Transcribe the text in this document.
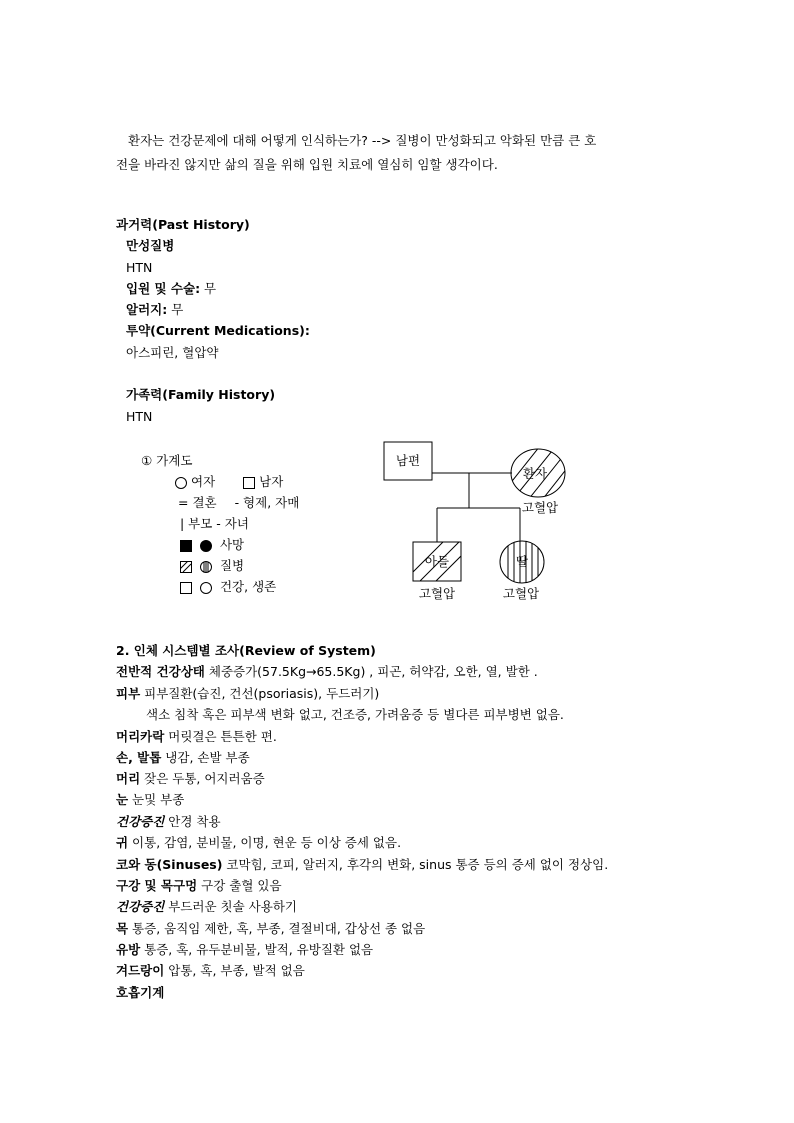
환자는 건강문제에 대해 어떻게 인식하는가? --> 질병이 만성화되고 악화된 만큼 큰 호
전을 바라진 않지만 삶의 질을 위해 입원 치료에 열심히 임할 생각이다.
과거력(Past History)
만성질병
HTN
입원 및 수술: 무
알러지: 무
투약(Current Medications):
아스피린, 혈압약
가족력(Family History)
HTN
① 가계도
여자	남자
= 결혼 - 형제, 자매
| 부모 - 자녀
사망
질병
건강, 생존
남편
환자
고혈압
아들
고혈압
딸
고혈압
2. 인체 시스템별 조사(Review of System)
전반적 건강상태 체중증가(57.5Kg→65.5Kg) , 피곤, 허약감, 오한, 열, 발한 .
피부 피부질환(습진, 건선(psoriasis), 두드러기)
색소 침착 혹은 피부색 변화 없고, 건조증, 가려움증 등 별다른 피부병변 없음.
머리카락 머릿결은 튼튼한 편.
손, 발톱 냉감, 손발 부종
머리 잦은 두통, 어지러움증
눈 눈및 부종
건강증진 안경 착용
귀 이통, 감염, 분비물, 이명, 현운 등 이상 증세 없음.
코와 동(Sinuses) 코막힘, 코피, 알러지, 후각의 변화, sinus 통증 등의 증세 없이 정상임.
구강 및 목구멍 구강 출혈 있음
건강증진 부드러운 칫솔 사용하기
목 통증, 움직임 제한, 혹, 부종, 결절비대, 갑상선 종 없음
유방 통증, 혹, 유두분비물, 발적, 유방질환 없음
겨드랑이 압통, 혹, 부종, 발적 없음
호흡기계
